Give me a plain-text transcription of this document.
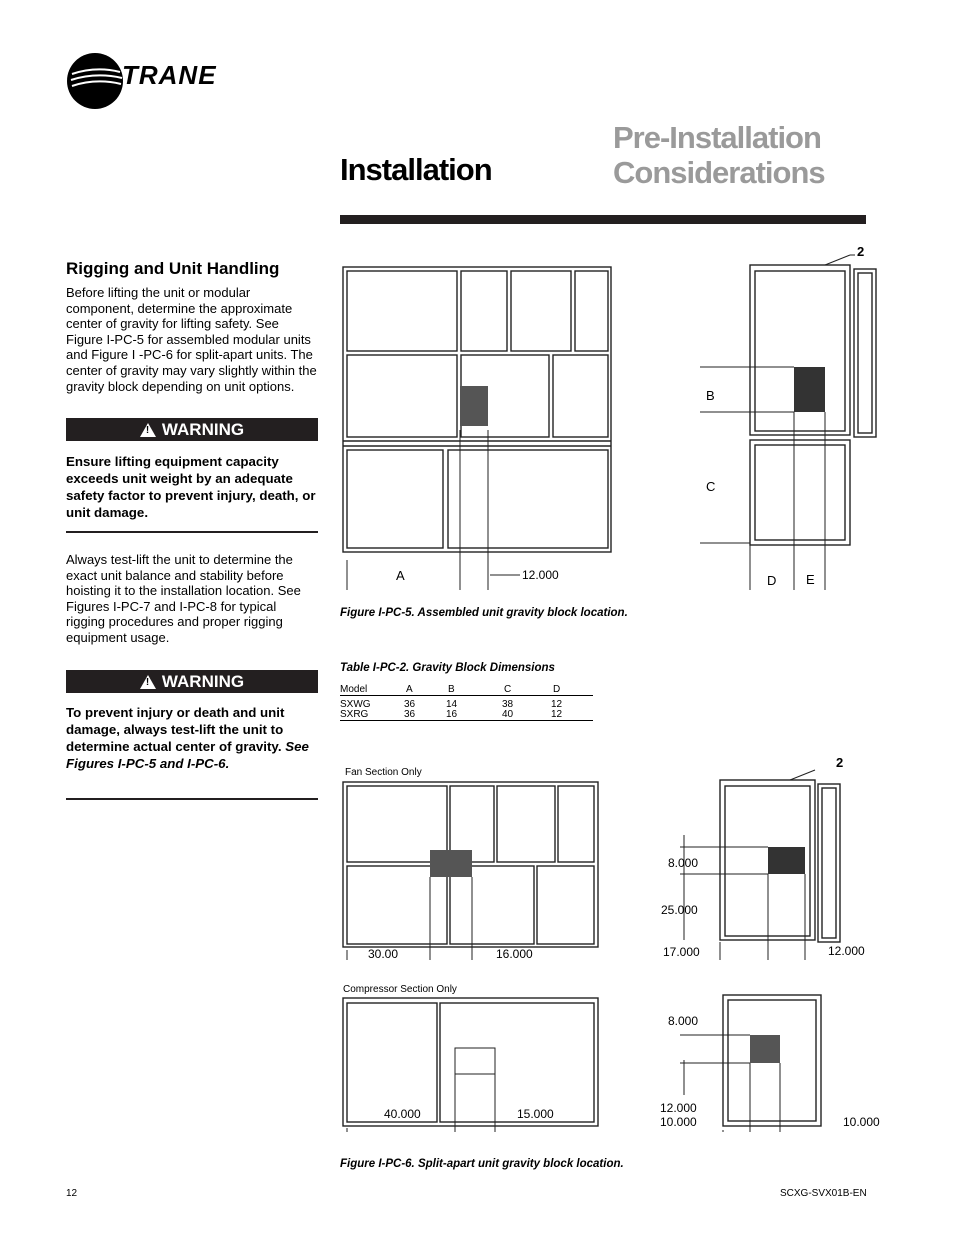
TRANE
Installation
Pre-Installation
Considerations
Rigging and Unit Handling
Before lifting the unit or modular component, determine the approximate center of gravity for lifting safety. See Figure I-PC-5 for assembled modular units and Figure I -PC-6 for split-apart units. The center of gravity may vary slightly within the gravity block depending on unit options.
!
WARNING
Ensure lifting equipment capacity exceeds unit weight by an adequate safety factor to prevent injury, death, or unit damage.
Always test-lift the unit to determine the exact unit balance and stability before hoisting it to the installation location. See Figures I-PC-7 and I-PC-8 for typical rigging procedures and proper rigging equipment usage.
!
WARNING
To prevent injury or death and unit damage, always test-lift the unit to determine actual center of gravity. See Figures I-PC-5 and I-PC-6.
A	12.000
B
C
D E
2
Figure I-PC-5. Assembled unit gravity block location.
Table I-PC-2. Gravity Block Dimensions
Model	A	B	C	D
SXWG	36	14	38	12
SXRG	36	16	40	12
Fan Section Only
Compressor Section Only
30.00	16.000
8.000
25.000
17.000	12.000
2
40.000	15.000
8.000
12.000
10.000	10.000
Figure I-PC-6. Split-apart unit gravity block location.
12	SCXG-SVX01B-EN
